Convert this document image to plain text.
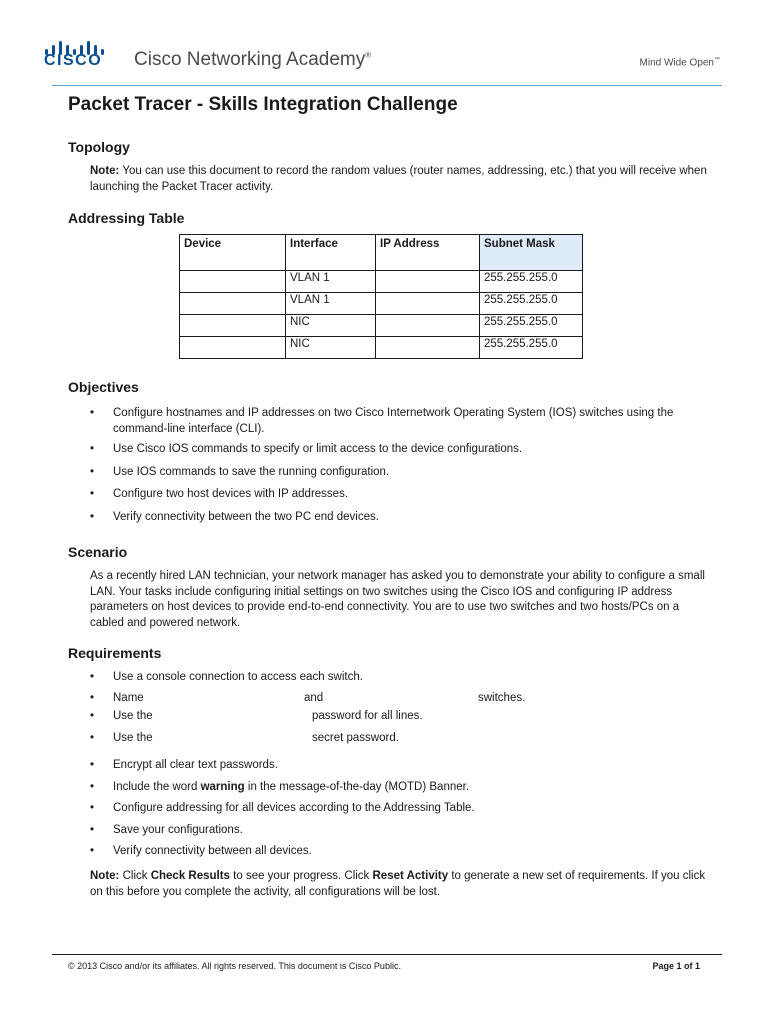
CISCO Cisco Networking Academy®
Mind Wide Open™
Packet Tracer - Skills Integration Challenge
Topology

Note: You can use this document to record the random values (router names, addressing, etc.) that you will receive when launching the Packet Tracer activity.

Addressing Table
Device	Interface	IP Address	Subnet Mask
	VLAN 1		255.255.255.0
	VLAN 1		255.255.255.0
	NIC		255.255.255.0
	NIC		255.255.255.0
Objectives
• Configure hostnames and IP addresses on two Cisco Internetwork Operating System (IOS) switches using the command-line interface (CLI).
• Use Cisco IOS commands to specify or limit access to the device configurations.
• Use IOS commands to save the running configuration.
• Configure two host devices with IP addresses.
• Verify connectivity between the two PC end devices.
Scenario

As a recently hired LAN technician, your network manager has asked you to demonstrate your ability to configure a small LAN. Your tasks include configuring initial settings on two switches using the Cisco IOS and configuring IP address parameters on host devices to provide end-to-end connectivity. You are to use two switches and two hosts/PCs on a cabled and powered network.

Requirements
• Use a console connection to access each switch.
• Name	and	switches.
• Use the	password for all lines.
• Use the	secret password.
• Encrypt all clear text passwords.
• Include the word warning in the message-of-the-day (MOTD) Banner.
• Configure addressing for all devices according to the Addressing Table.
• Save your configurations.
• Verify connectivity between all devices.

Note: Click Check Results to see your progress. Click Reset Activity to generate a new set of requirements. If you click on this before you complete the activity, all configurations will be lost.

© 2013 Cisco and/or its affiliates. All rights reserved. This document is Cisco Public.	Page 1 of 1
